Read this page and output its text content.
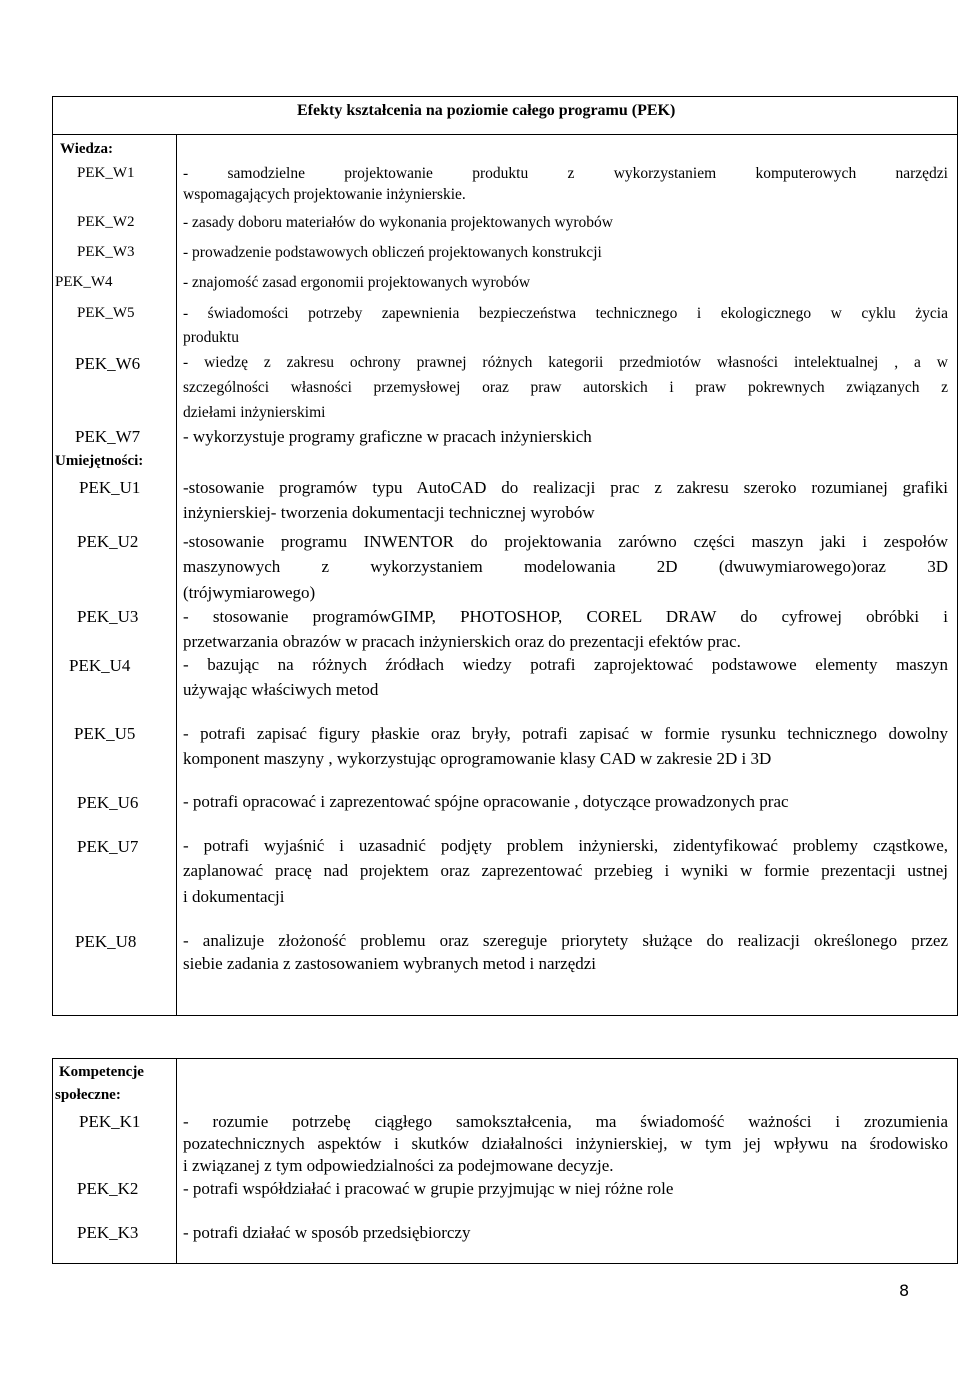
Efekty kształcenia na poziomie całego programu (PEK)
Wiedza:
PEK_W1	- samodzielne projektowanie produktu z wykorzystaniem komputerowych narzędzi
wspomagających projektowanie inżynierskie.
PEK_W2	- zasady doboru materiałów do wykonania projektowanych wyrobów
PEK_W3	- prowadzenie podstawowych obliczeń projektowanych konstrukcji
PEK_W4	- znajomość zasad ergonomii projektowanych wyrobów
PEK_W5	- świadomości potrzeby zapewnienia bezpieczeństwa technicznego i ekologicznego w cyklu życia
produktu
PEK_W6	- wiedzę z zakresu ochrony prawnej różnych kategorii przedmiotów własności intelektualnej , a w
szczególności własności przemysłowej oraz praw autorskich i praw pokrewnych związanych z
dziełami inżynierskimi
PEK_W7	- wykorzystuje programy graficzne w pracach inżynierskich
Umiejętności:
PEK_U1	-stosowanie programów typu AutoCAD do realizacji prac z zakresu szeroko rozumianej grafiki
inżynierskiej- tworzenia dokumentacji technicznej wyrobów
PEK_U2	-stosowanie programu INWENTOR do projektowania zarówno części maszyn jaki i zespołów
maszynowych z wykorzystaniem modelowania 2D (dwuwymiarowego)oraz 3D
(trójwymiarowego)
PEK_U3	- stosowanie programówGIMP, PHOTOSHOP, COREL DRAW do cyfrowej obróbki i
przetwarzania obrazów w pracach inżynierskich oraz do prezentacji efektów prac.
PEK_U4	- bazując na różnych źródłach wiedzy potrafi zaprojektować podstawowe elementy maszyn
używając właściwych metod
PEK_U5	- potrafi zapisać figury płaskie oraz bryły, potrafi zapisać w formie rysunku technicznego dowolny
komponent maszyny , wykorzystując oprogramowanie klasy CAD w zakresie 2D i 3D
PEK_U6	- potrafi opracować i zaprezentować spójne opracowanie , dotyczące prowadzonych prac
PEK_U7	- potrafi wyjaśnić i uzasadnić podjęty problem inżynierski, zidentyfikować problemy cząstkowe,
zaplanować pracę nad projektem oraz zaprezentować przebieg i wyniki w formie prezentacji ustnej
i dokumentacji
PEK_U8	- analizuje złożoność problemu oraz szereguje priorytety służące do realizacji określonego przez
siebie zadania z zastosowaniem wybranych metod i narzędzi
Kompetencje
społeczne:
PEK_K1	- rozumie potrzebę ciągłego samokształcenia, ma świadomość ważności i zrozumienia
pozatechnicznych aspektów i skutków działalności inżynierskiej, w tym jej wpływu na środowisko
i związanej z tym odpowiedzialności za podejmowane decyzje.
PEK_K2	- potrafi współdziałać i pracować w grupie przyjmując w niej różne role
PEK_K3	- potrafi działać w sposób przedsiębiorczy
8
